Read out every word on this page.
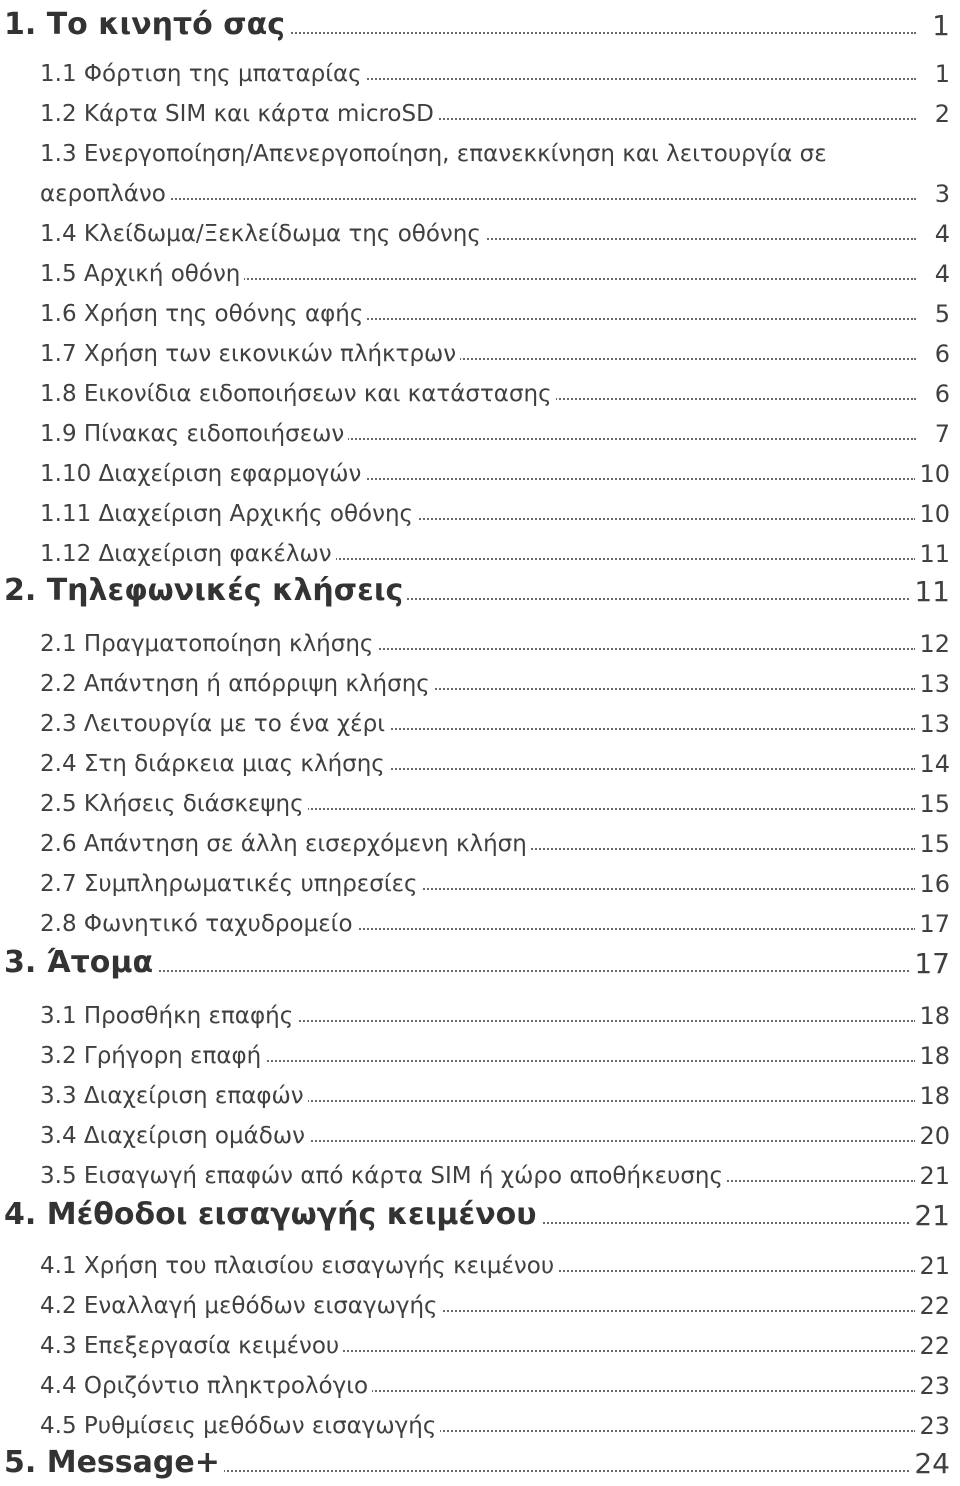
1. Το κινητό σας	1
1.1 Φόρτιση της μπαταρίας	1
1.2 Κάρτα SIM και κάρτα microSD	2
1.3 Ενεργοποίηση/Απενεργοποίηση, επανεκκίνηση και λειτουργία σε
αεροπλάνο	3
1.4 Κλείδωμα/Ξεκλείδωμα της οθόνης	4
1.5 Αρχική οθόνη	4
1.6 Χρήση της οθόνης αφής	5
1.7 Χρήση των εικονικών πλήκτρων	6
1.8 Εικονίδια ειδοποιήσεων και κατάστασης	6
1.9 Πίνακας ειδοποιήσεων	7
1.10 Διαχείριση εφαρμογών	10
1.11 Διαχείριση Αρχικής οθόνης	10
1.12 Διαχείριση φακέλων	11
2. Τηλεφωνικές κλήσεις	11
2.1 Πραγματοποίηση κλήσης	12
2.2 Απάντηση ή απόρριψη κλήσης	13
2.3 Λειτουργία με το ένα χέρι	13
2.4 Στη διάρκεια μιας κλήσης	14
2.5 Κλήσεις διάσκεψης	15
2.6 Απάντηση σε άλλη εισερχόμενη κλήση	15
2.7 Συμπληρωματικές υπηρεσίες	16
2.8 Φωνητικό ταχυδρομείο	17
3. Άτομα	17
3.1 Προσθήκη επαφής	18
3.2 Γρήγορη επαφή	18
3.3 Διαχείριση επαφών	18
3.4 Διαχείριση ομάδων	20
3.5 Εισαγωγή επαφών από κάρτα SIM ή χώρο αποθήκευσης	21
4. Μέθοδοι εισαγωγής κειμένου	21
4.1 Χρήση του πλαισίου εισαγωγής κειμένου	21
4.2 Εναλλαγή μεθόδων εισαγωγής	22
4.3 Επεξεργασία κειμένου	22
4.4 Οριζόντιο πληκτρολόγιο	23
4.5 Ρυθμίσεις μεθόδων εισαγωγής	23
5. Message+	24
